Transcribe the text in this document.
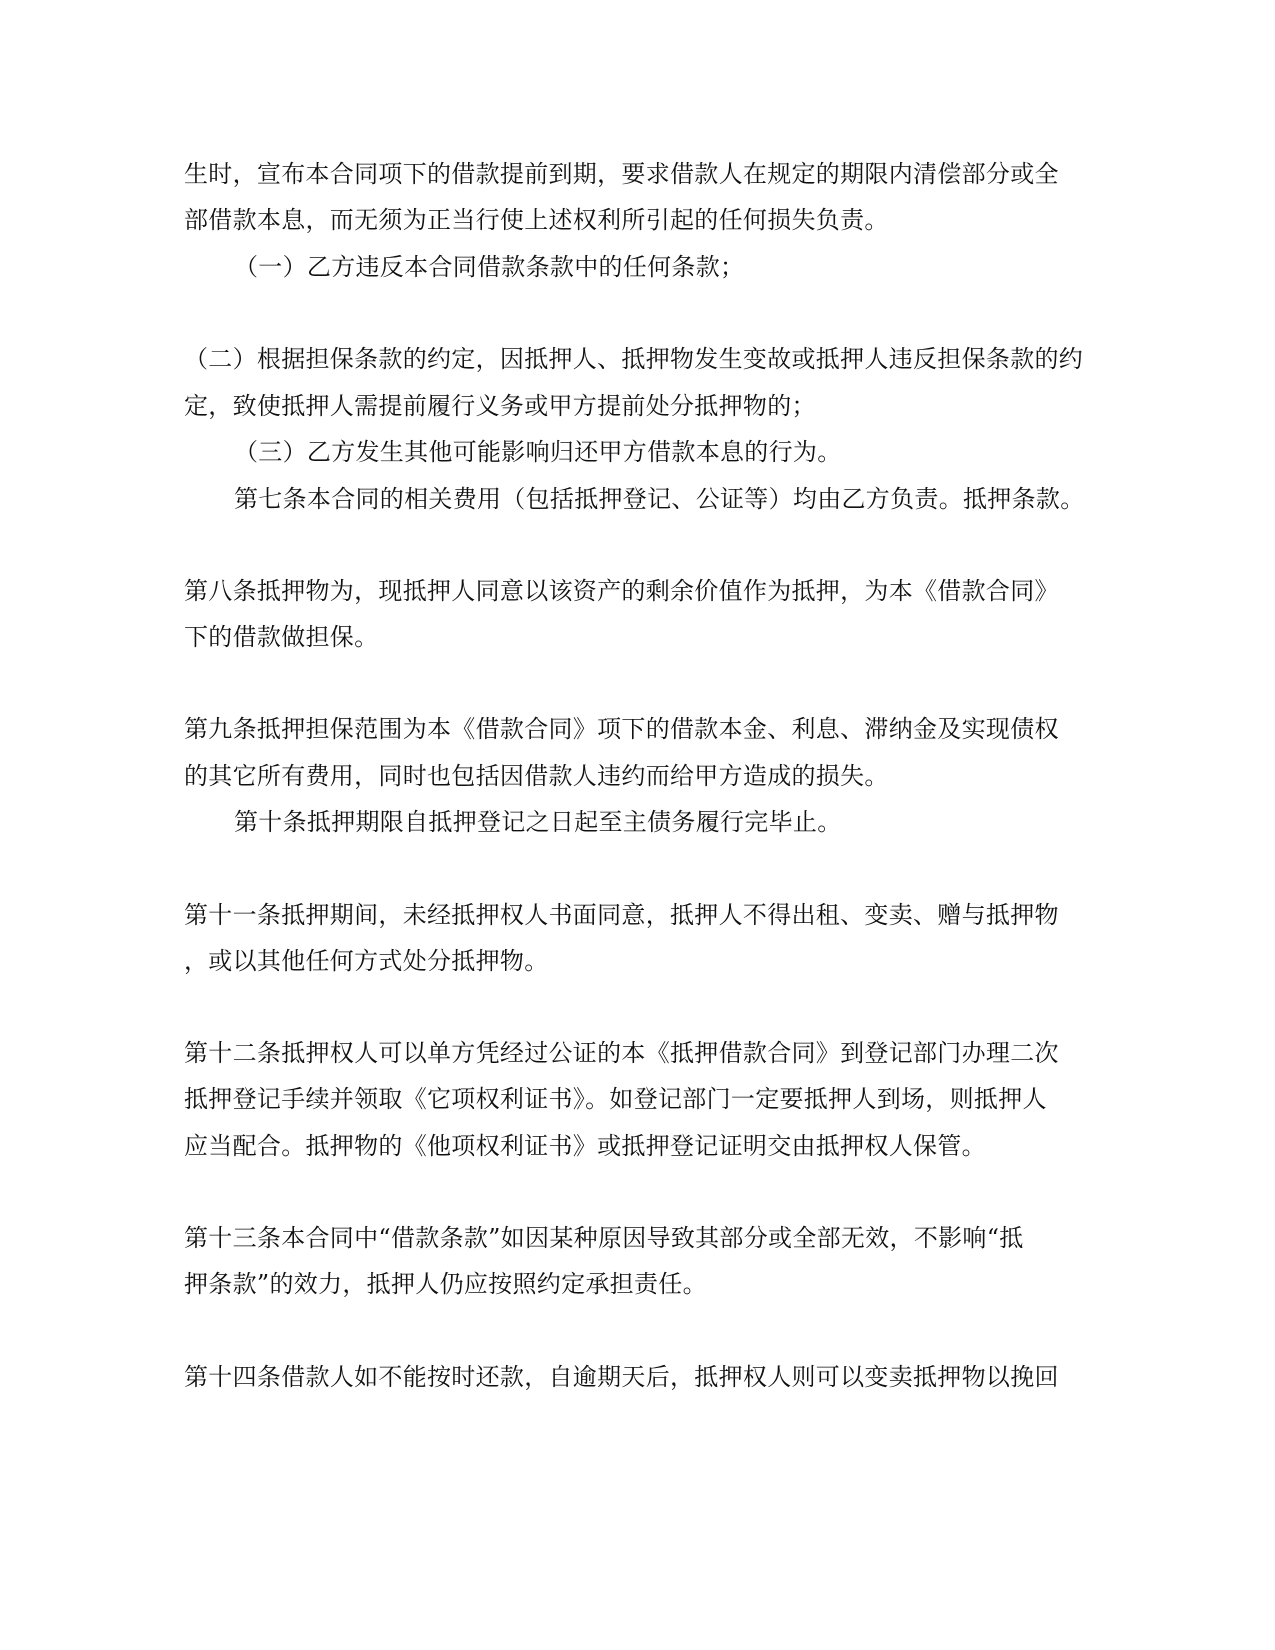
生时，宣布本合同项下的借款提前到期，要求借款人在规定的期限内清偿部分或全
部借款本息，而无须为正当行使上述权利所引起的任何损失负责。
（一）乙方违反本合同借款条款中的任何条款；
（二）根据担保条款的约定，因抵押人、抵押物发生变故或抵押人违反担保条款的约
定，致使抵押人需提前履行义务或甲方提前处分抵押物的；
（三）乙方发生其他可能影响归还甲方借款本息的行为。
第七条本合同的相关费用（包括抵押登记、公证等）均由乙方负责。抵押条款。
第八条抵押物为，现抵押人同意以该资产的剩余价值作为抵押，为本《借款合同》
下的借款做担保。
第九条抵押担保范围为本《借款合同》项下的借款本金、利息、滞纳金及实现债权
的其它所有费用，同时也包括因借款人违约而给甲方造成的损失。
第十条抵押期限自抵押登记之日起至主债务履行完毕止。
第十一条抵押期间，未经抵押权人书面同意，抵押人不得出租、变卖、赠与抵押物
，或以其他任何方式处分抵押物。
第十二条抵押权人可以单方凭经过公证的本《抵押借款合同》到登记部门办理二次
抵押登记手续并领取《它项权利证书》。如登记部门一定要抵押人到场，则抵押人
应当配合。抵押物的《他项权利证书》或抵押登记证明交由抵押权人保管。
第十三条本合同中“借款条款”如因某种原因导致其部分或全部无效，不影响“抵
押条款”的效力，抵押人仍应按照约定承担责任。
第十四条借款人如不能按时还款，自逾期天后，抵押权人则可以变卖抵押物以挽回
